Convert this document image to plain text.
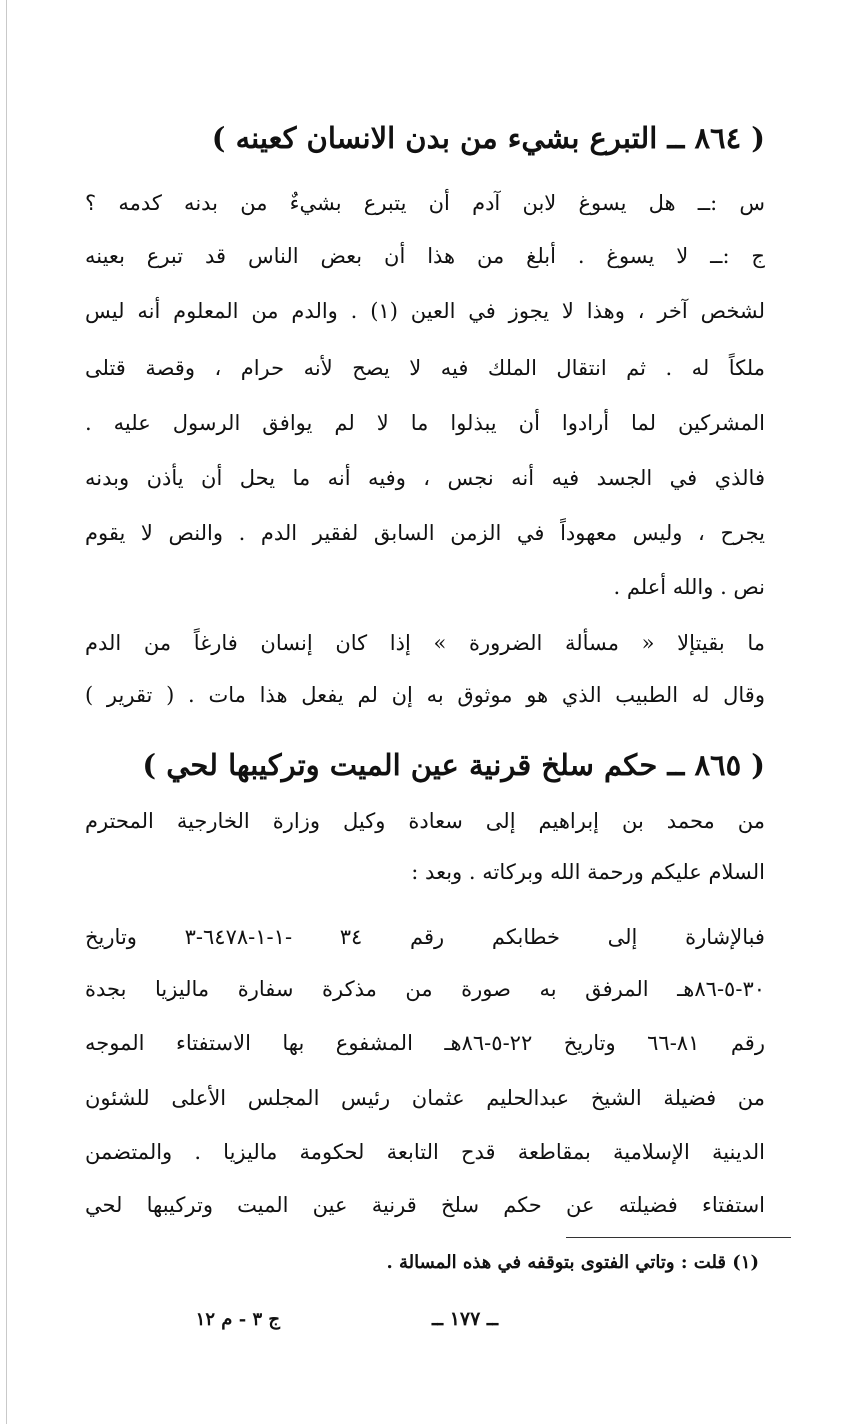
( ٨٦٤ ــ التبرع بشيء من بدن الانسان كعينه )
س :ــ هل يسوغ لابن آدم أن يتبرع بشيءٌ من بدنه كدمه ؟
ج :ــ لا يسوغ . أبلغ من هذا أن بعض الناس قد تبرع بعينه
لشخص آخر ، وهذا لا يجوز في العين (١) . والدم من المعلوم أنه ليس
ملكاً له . ثم انتقال الملك فيه لا يصح لأنه حرام ، وقصة قتلى
المشركين لما أرادوا أن يبذلوا ما لا لم يوافق الرسول عليه .
فالذي في الجسد فيه أنه نجس ، وفيه أنه ما يحل أن يأذن وبدنه
يجرح ، وليس معهوداً في الزمن السابق لفقير الدم . والنص لا يقوم
نص . والله أعلم .
ما بقيتإلا « مسألة الضرورة » إذا كان إنسان فارغاً من الدم
وقال له الطبيب الذي هو موثوق به إن لم يفعل هذا مات . ( تقرير )
( ٨٦٥ ــ حكم سلخ قرنية عين الميت وتركيبها لحي )
من محمد بن إبراهيم إلى سعادة وكيل وزارة الخارجية المحترم
السلام عليكم ورحمة الله وبركاته . وبعد :
فبالإشارة إلى خطابكم رقم ٣٤ -١-١-٦٤٧٨-٣ وتاريخ
٣٠-٥-٨٦هـ المرفق به صورة من مذكرة سفارة ماليزيا بجدة
رقم ٨١-٦٦ وتاريخ ٢٢-٥-٨٦هـ المشفوع بها الاستفتاء الموجه
من فضيلة الشيخ عبدالحليم عثمان رئيس المجلس الأعلى للشئون
الدينية الإسلامية بمقاطعة قدح التابعة لحكومة ماليزيا . والمتضمن
استفتاء فضيلته عن حكم سلخ قرنية عين الميت وتركيبها لحي
(١) قلت : وتاتي الفتوى بتوقفه في هذه المسالة .
ــ ١٧٧ ــ
ج ٣ - م ١٢
